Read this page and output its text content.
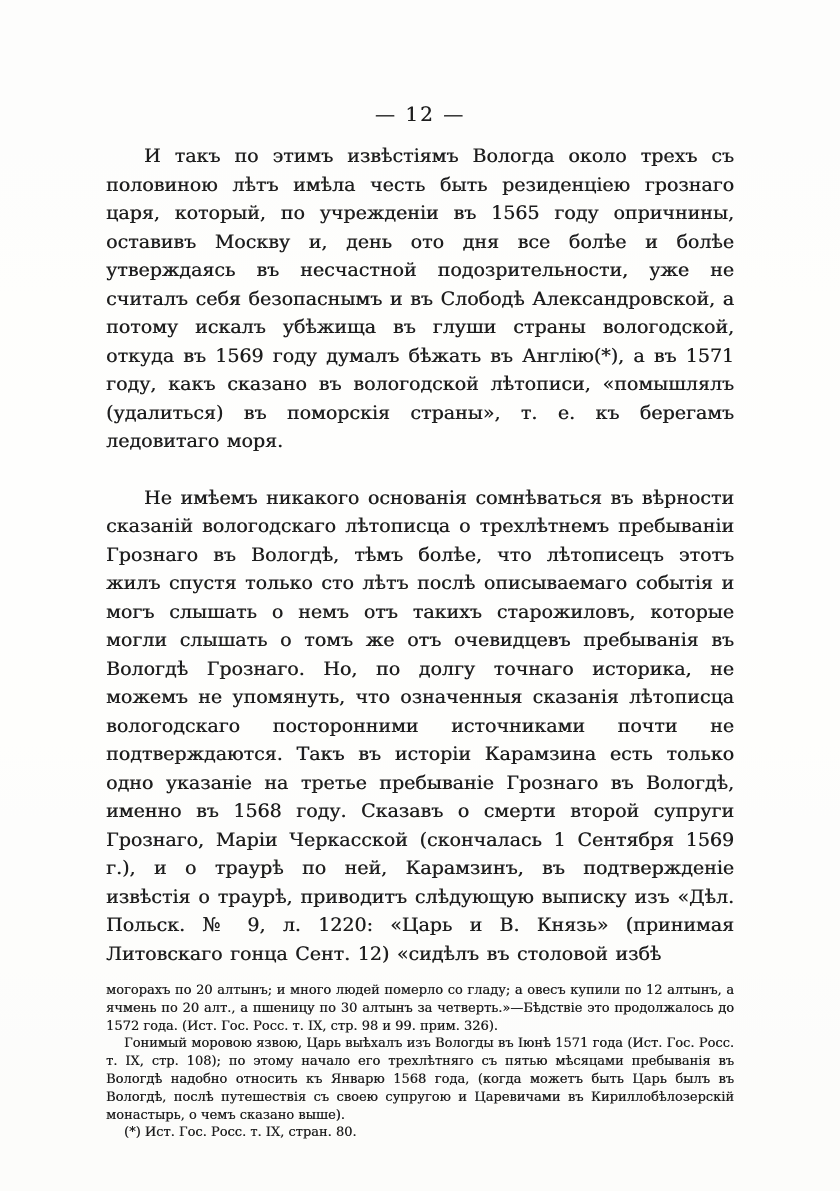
— 12 —

И такъ по этимъ извѣстіямъ Вологда около трехъ съ половиною лѣтъ имѣла честь быть резиденціею грознаго царя, который, по учрежденіи въ 1565 году опричнины, оставивъ Москву и, день ото дня все болѣе и болѣе утверждаясь въ несчастной подозрительности, уже не считалъ себя безопаснымъ и въ Слободѣ Александровской, а потому искалъ убѣжища въ глуши страны вологодской, откуда въ 1569 году думалъ бѣжать въ Англію(*), а въ 1571 году, какъ сказано въ вологодской лѣтописи, «помышлялъ (удалиться) въ поморскія страны», т. е. къ берегамъ ледовитаго моря.

Не имѣемъ никакого основанія сомнѣваться въ вѣрности сказаній вологодскаго лѣтописца о трехлѣтнемъ пребываніи Грознаго въ Вологдѣ, тѣмъ болѣе, что лѣтописецъ этотъ жилъ спустя только сто лѣтъ послѣ описываемаго событія и могъ слышать о немъ отъ такихъ старожиловъ, которые могли слышать о томъ же отъ очевидцевъ пребыванія въ Вологдѣ Грознаго. Но, по долгу точнаго историка, не можемъ не упомянуть, что означенныя сказанія лѣтописца вологодскаго посторонними источниками почти не подтверждаются. Такъ въ исторіи Карамзина есть только одно указаніе на третье пребываніе Грознаго въ Вологдѣ, именно въ 1568 году. Сказавъ о смерти второй супруги Грознаго, Маріи Черкасской (скончалась 1 Сентября 1569 г.), и о траурѣ по ней, Карамзинъ, въ подтвержденіе извѣстія о траурѣ, приводитъ слѣдующую выписку изъ «Дѣл. Польск. № 9, л. 1220: «Царь и В. Князь» (принимая Литовскаго гонца Сент. 12) «сидѣлъ въ столовой избѣ

могорахъ по 20 алтынъ; и много людей померло со гладу; а овесъ купили по 12 алтынъ, а ячмень по 20 алт., а пшеницу по 30 алтынъ за четверть.»—Бѣдствіе это продолжалось до 1572 года. (Ист. Гос. Росс. т. IX, стр. 98 и 99. прим. 326).

Гонимый моровою язвою, Царь выѣхалъ изъ Вологды въ Іюнѣ 1571 года (Ист. Гос. Росс. т. IX, стр. 108); по этому начало его трехлѣтняго съ пятью мѣсяцами пребыванія въ Вологдѣ надобно относить къ Январю 1568 года, (когда можетъ быть Царь былъ въ Вологдѣ, послѣ путешествія съ своею супругою и Царевичами въ Кириллобѣлозерскій монастырь, о чемъ сказано выше).

(*) Ист. Гос. Росс. т. IX, стран. 80.
